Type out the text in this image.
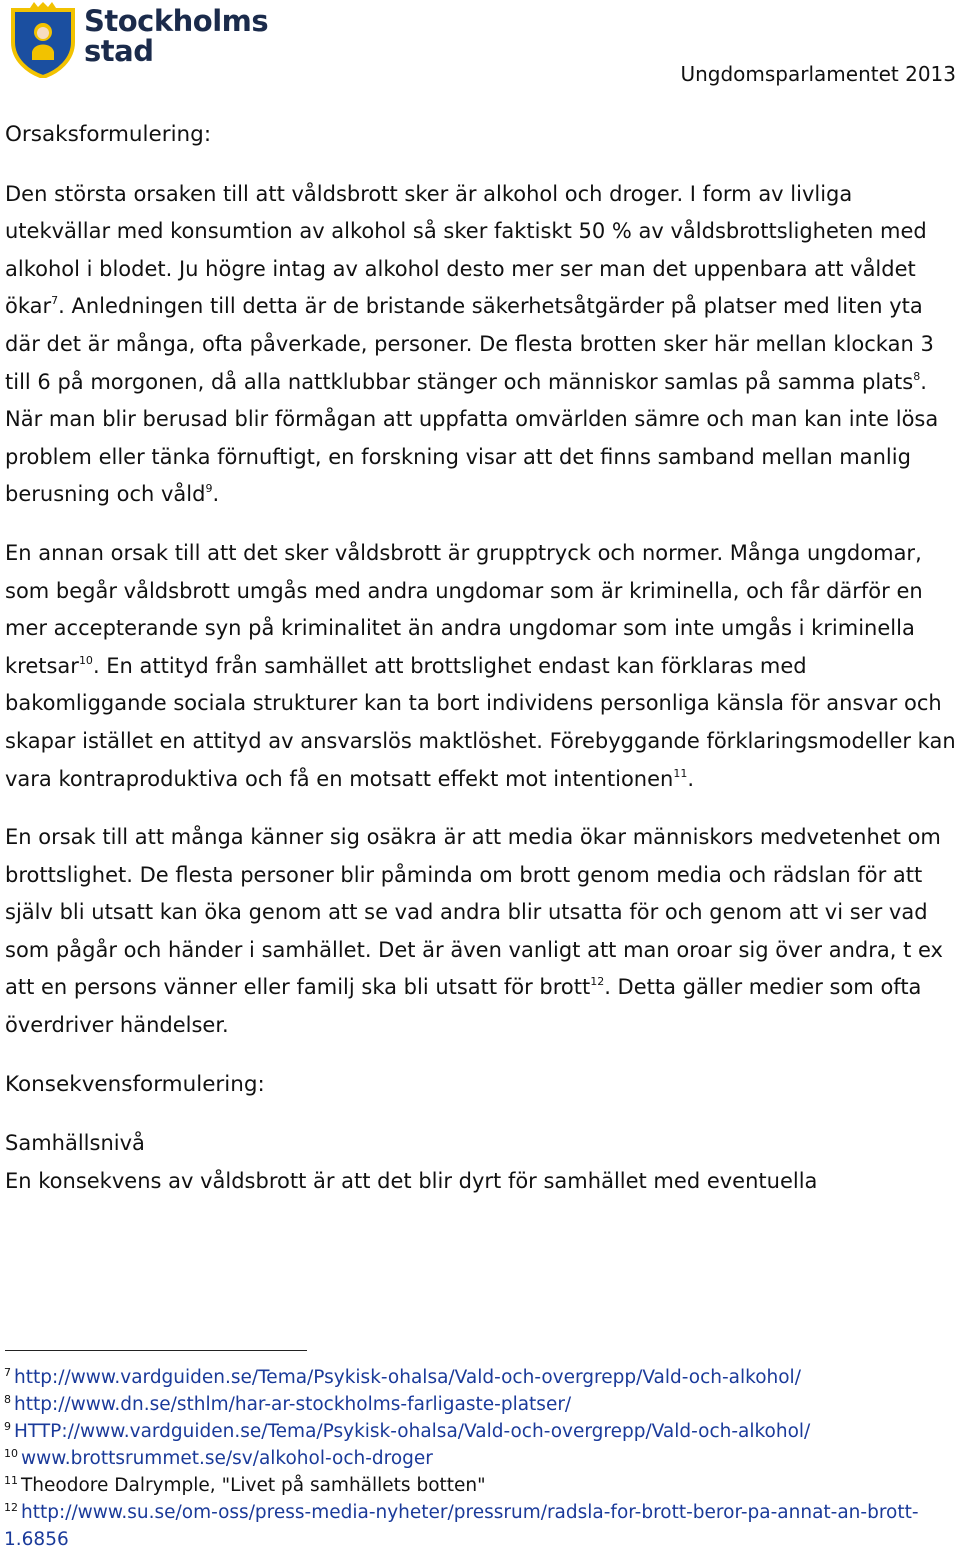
Stockholms
stad
Ungdomsparlamentet 2013

Orsaksformulering:

Den största orsaken till att våldsbrott sker är alkohol och droger. I form av livliga utekvällar med konsumtion av alkohol så sker faktiskt 50 % av våldsbrottsligheten med alkohol i blodet. Ju högre intag av alkohol desto mer ser man det uppenbara att våldet ökar$^7$. Anledningen till detta är de bristande säkerhetsåtgärder på platser med liten yta där det är många, ofta påverkade, personer. De flesta brotten sker här mellan klockan 3 till 6 på morgonen, då alla nattklubbar stänger och människor samlas på samma plats$^8$. När man blir berusad blir förmågan att uppfatta omvärlden sämre och man kan inte lösa problem eller tänka förnuftigt, en forskning visar att det finns samband mellan manlig berusning och våld$^9$.

En annan orsak till att det sker våldsbrott är grupptryck och normer. Många ungdomar, som begår våldsbrott umgås med andra ungdomar som är kriminella, och får därför en mer accepterande syn på kriminalitet än andra ungdomar som inte umgås i kriminella kretsar$^{10}$. En attityd från samhället att brottslighet endast kan förklaras med bakomliggande sociala strukturer kan ta bort individens personliga känsla för ansvar och skapar istället en attityd av ansvarslös maktlöshet. Förebyggande förklaringsmodeller kan vara kontraproduktiva och få en motsatt effekt mot intentionen$^{11}$.

En orsak till att många känner sig osäkra är att media ökar människors medvetenhet om brottslighet. De flesta personer blir påminda om brott genom media och rädslan för att själv bli utsatt kan öka genom att se vad andra blir utsatta för och genom att vi ser vad som pågår och händer i samhället. Det är även vanligt att man oroar sig över andra, t ex att en persons vänner eller familj ska bli utsatt för brott$^{12}$. Detta gäller medier som ofta överdriver händelser.

Konsekvensformulering:

Samhällsnivå

En konsekvens av våldsbrott är att det blir dyrt för samhället med eventuella

$^7$ http://www.vardguiden.se/Tema/Psykisk-ohalsa/Vald-och-overgrepp/Vald-och-alkohol/

$^8$ http://www.dn.se/sthlm/har-ar-stockholms-farligaste-platser/

$^9$ HTTP://www.vardguiden.se/Tema/Psykisk-ohalsa/Vald-och-overgrepp/Vald-och-alkohol/

$^{10}$ www.brottsrummet.se/sv/alkohol-och-droger

$^{11}$ Theodore Dalrymple, "Livet på samhällets botten"

$^{12}$ http://www.su.se/om-oss/press-media-nyheter/pressrum/radsla-for-brott-beror-pa-annat-an-brott-1.6856
